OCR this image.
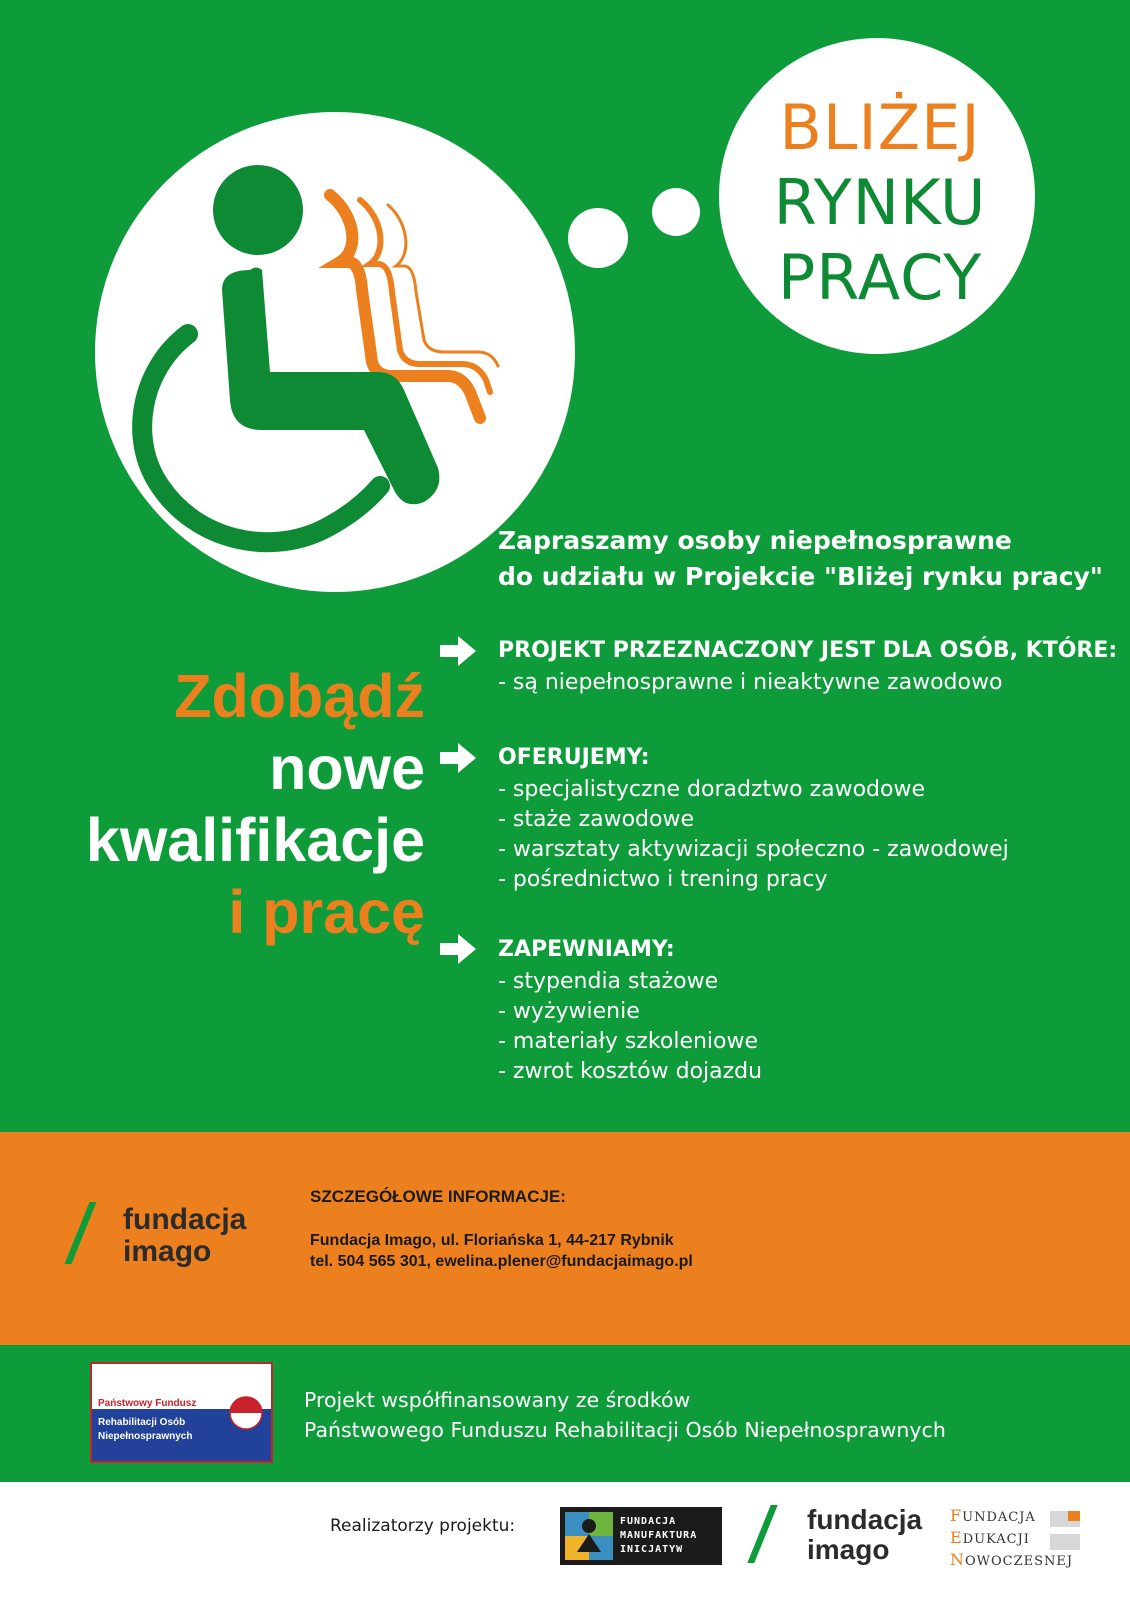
BLIŻEJ
RYNKU
PRACY
Zapraszamy osoby niepełnosprawne
do udziału w Projekcie "Bliżej rynku pracy"
Zdobądź
nowe
kwalifikacje
i pracę
PROJEKT PRZEZNACZONY JEST DLA OSÓB, KTÓRE:
- są niepełnosprawne i nieaktywne zawodowo
OFERUJEMY:
- specjalistyczne doradztwo zawodowe
- staże zawodowe
- warsztaty aktywizacji społeczno - zawodowej
- pośrednictwo i trening pracy
ZAPEWNIAMY:
- stypendia stażowe
- wyżywienie
- materiały szkoleniowe
- zwrot kosztów dojazdu
fundacja
imago
SZCZEGÓŁOWE INFORMACJE:
Fundacja Imago, ul. Floriańska 1, 44-217 Rybnik
tel. 504 565 301, ewelina.plener@fundacjaimago.pl
Państwowy Fundusz
Rehabilitacji Osób
Niepełnosprawnych
Projekt współfinansowany ze środków
Państwowego Funduszu Rehabilitacji Osób Niepełnosprawnych
Realizatorzy projektu:	FUNDACJA
MANUFAKTURA
INICJATYW
fundacja
imago
FUNDACJA
EDUKACJI
NOWOCZESNEJ
